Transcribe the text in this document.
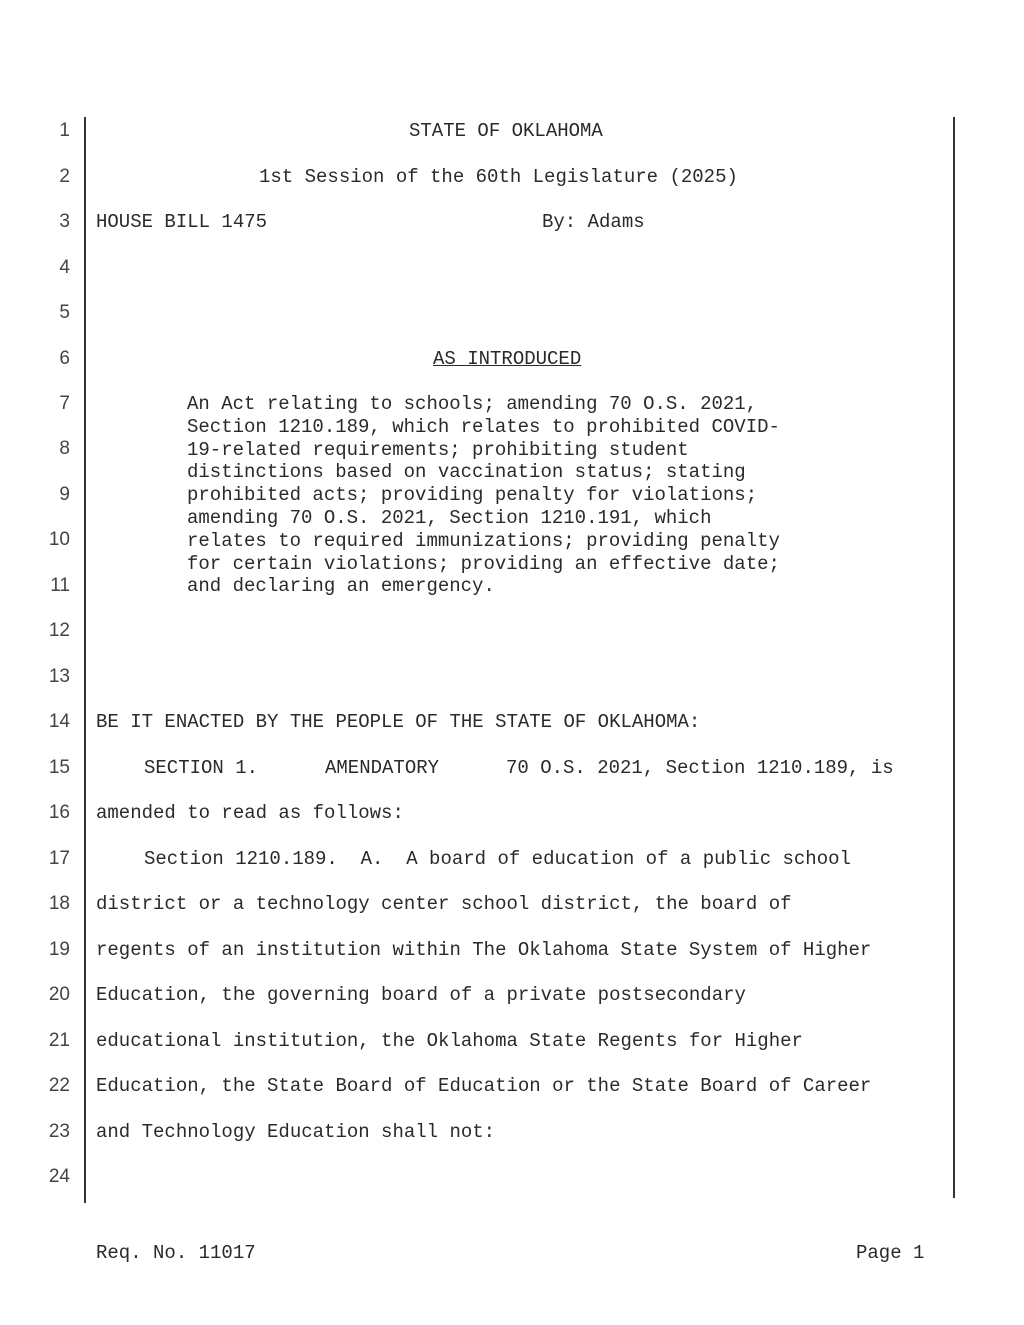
1
2
3
4
5
6
7
8
9
10
11
12
13
14
15
16
17
18
19
20
21
22
23
24
STATE OF OKLAHOMA
1st Session of the 60th Legislature (2025)
HOUSE BILL 1475	By: Adams
AS INTRODUCED
An Act relating to schools; amending 70 O.S. 2021,
Section 1210.189, which relates to prohibited COVID-
19-related requirements; prohibiting student
distinctions based on vaccination status; stating
prohibited acts; providing penalty for violations;
amending 70 O.S. 2021, Section 1210.191, which
relates to required immunizations; providing penalty
for certain violations; providing an effective date;
and declaring an emergency.
BE IT ENACTED BY THE PEOPLE OF THE STATE OF OKLAHOMA:
SECTION 1.	AMENDATORY	70 O.S. 2021, Section 1210.189, is
amended to read as follows:
Section 1210.189.  A.  A board of education of a public school
district or a technology center school district, the board of
regents of an institution within The Oklahoma State System of Higher
Education, the governing board of a private postsecondary
educational institution, the Oklahoma State Regents for Higher
Education, the State Board of Education or the State Board of Career
and Technology Education shall not:
Req. No. 11017	Page 1
